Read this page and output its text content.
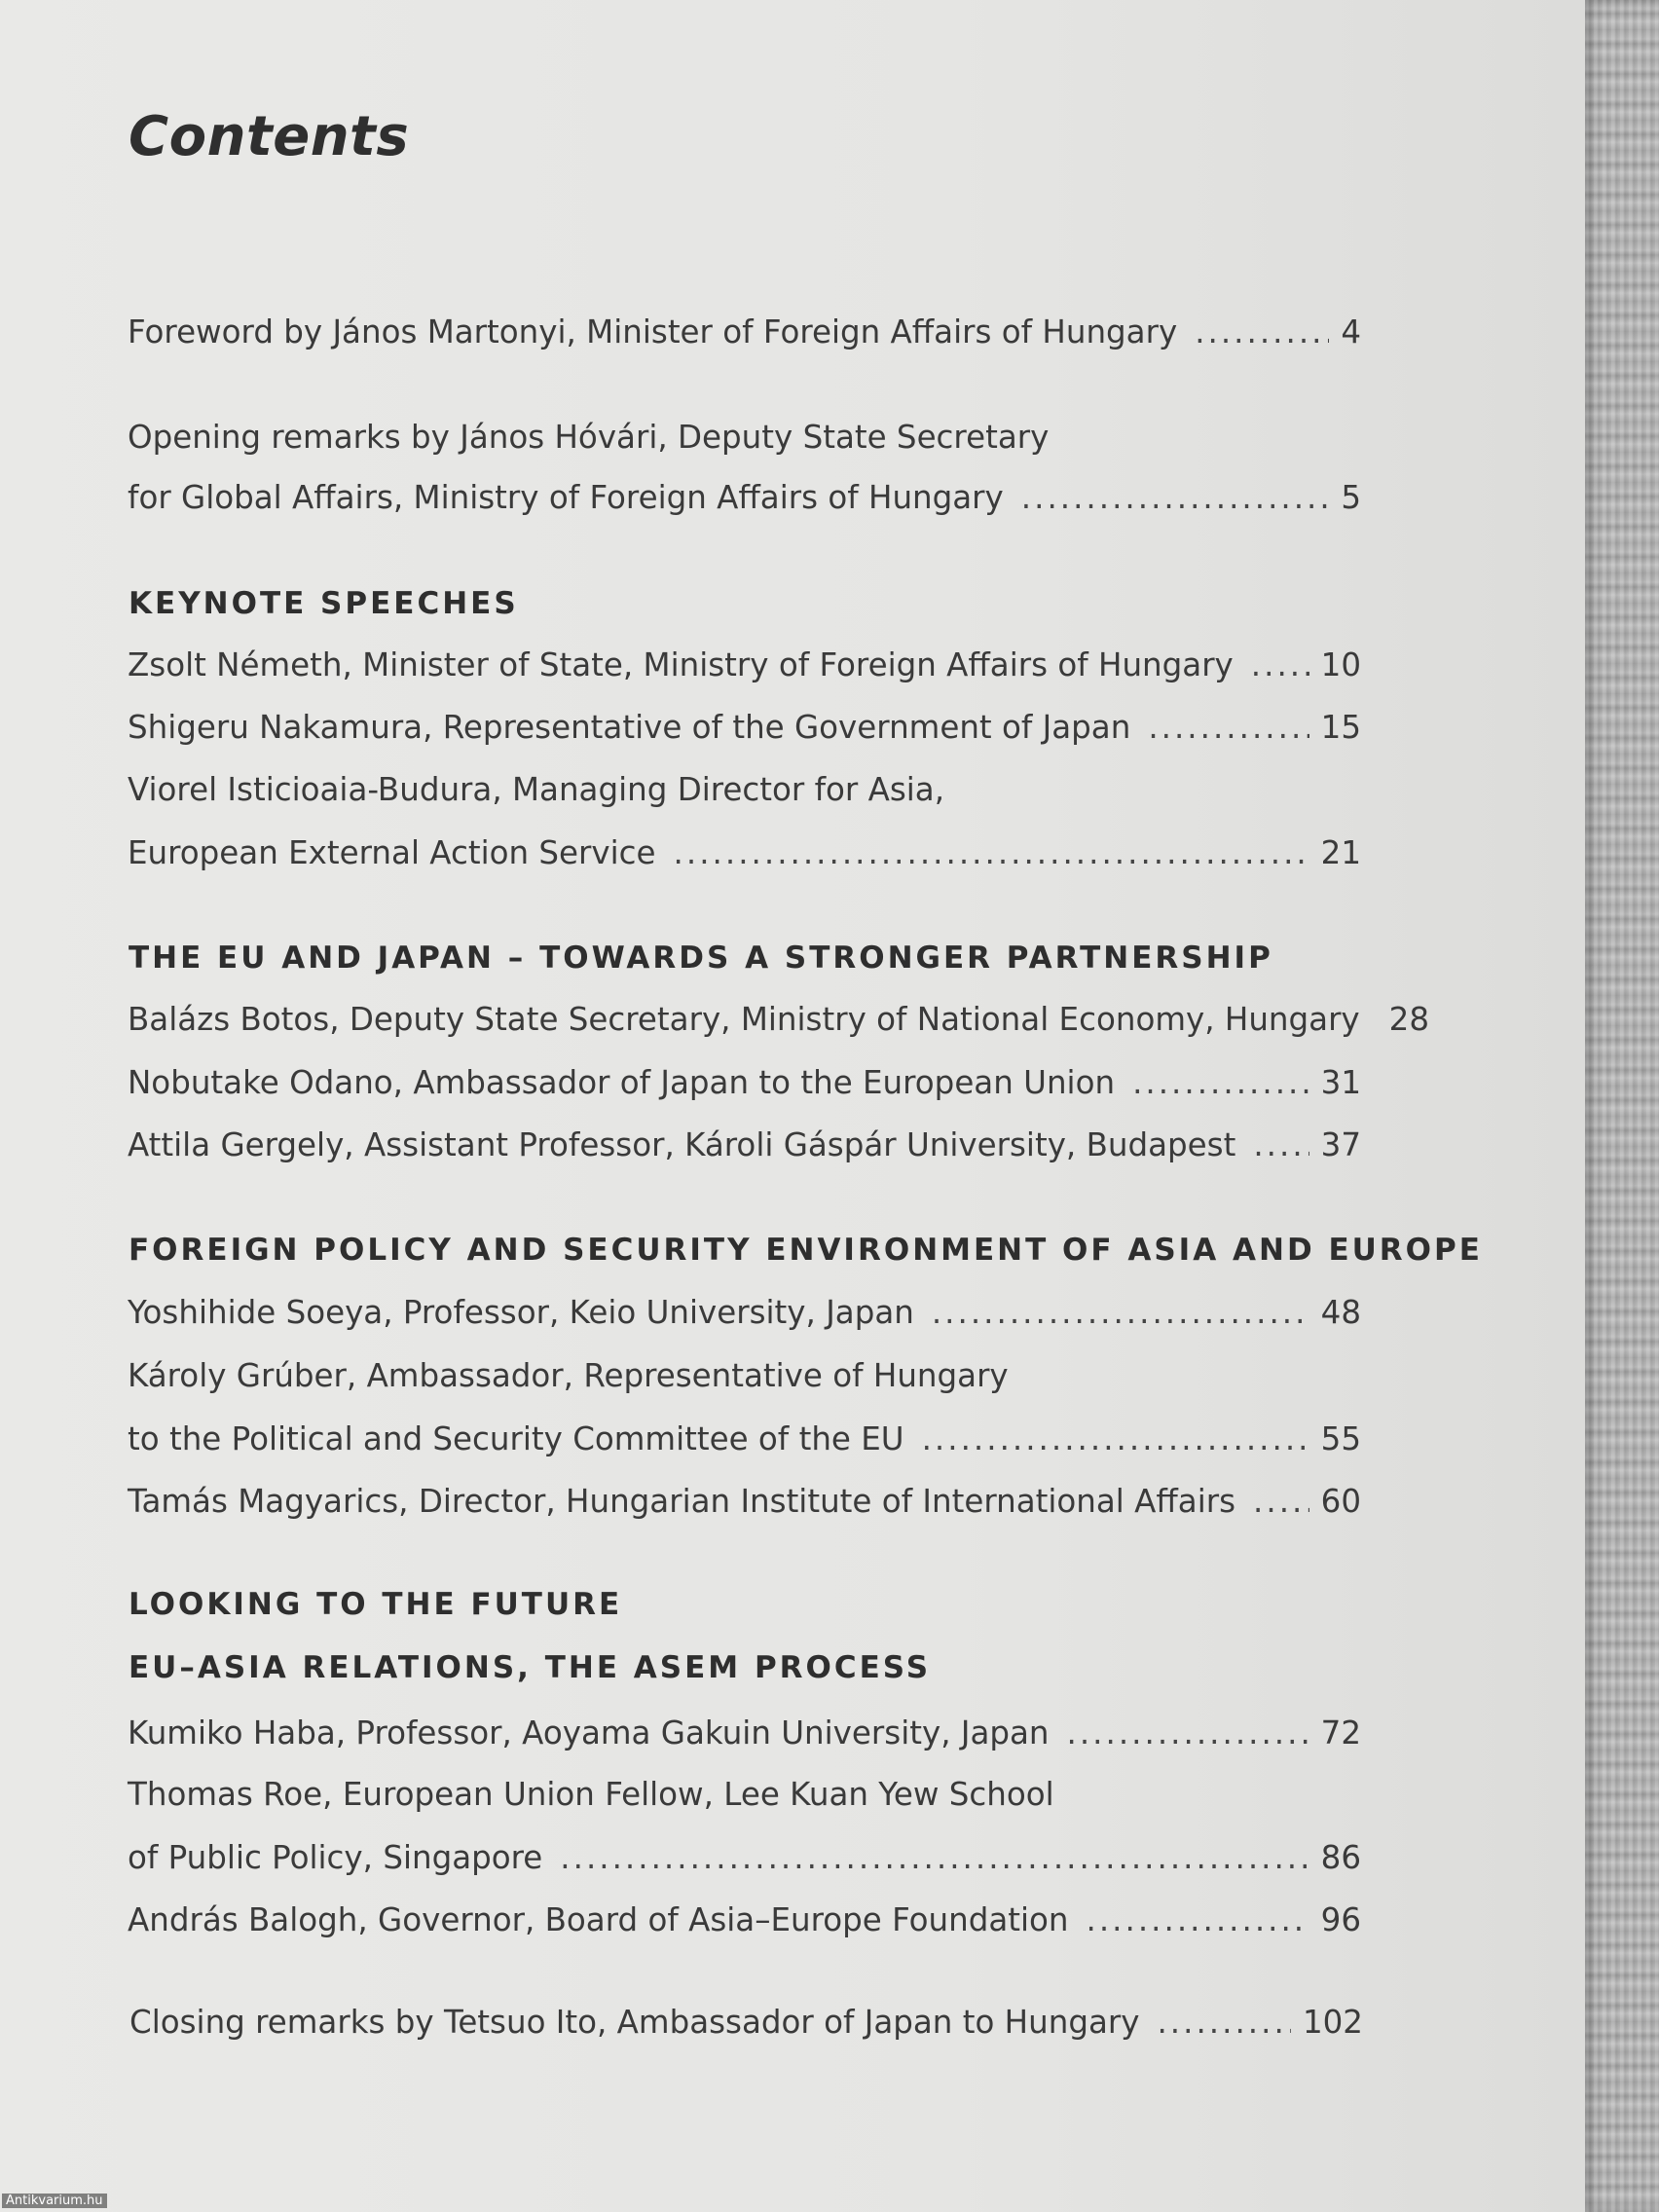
Contents
Foreword by János Martonyi, Minister of Foreign Affairs of Hungary .....	4
Opening remarks by János Hóvári, Deputy State Secretary
for Global Affairs, Ministry of Foreign Affairs of Hungary .....	5
KEYNOTE SPEECHES
Zsolt Németh, Minister of State, Ministry of Foreign Affairs of Hungary .....	10
Shigeru Nakamura, Representative of the Government of Japan .....	15
Viorel Isticioaia-Budura, Managing Director for Asia,
European External Action Service .....	21
THE EU AND JAPAN – TOWARDS A STRONGER PARTNERSHIP
Balázs Botos, Deputy State Secretary, Ministry of National Economy, Hungary 28
Nobutake Odano, Ambassador of Japan to the European Union .....	31
Attila Gergely, Assistant Professor, Károli Gáspár University, Budapest .....	37
FOREIGN POLICY AND SECURITY ENVIRONMENT OF ASIA AND EUROPE
Yoshihide Soeya, Professor, Keio University, Japan .....	48
Károly Grúber, Ambassador, Representative of Hungary
to the Political and Security Committee of the EU .....	55
Tamás Magyarics, Director, Hungarian Institute of International Affairs .....	60
LOOKING TO THE FUTURE
EU–ASIA RELATIONS, THE ASEM PROCESS
Kumiko Haba, Professor, Aoyama Gakuin University, Japan .....	72
Thomas Roe, European Union Fellow, Lee Kuan Yew School
of Public Policy, Singapore .....	86
András Balogh, Governor, Board of Asia–Europe Foundation .....	96
Closing remarks by Tetsuo Ito, Ambassador of Japan to Hungary .....	102
Antikvarium.hu
